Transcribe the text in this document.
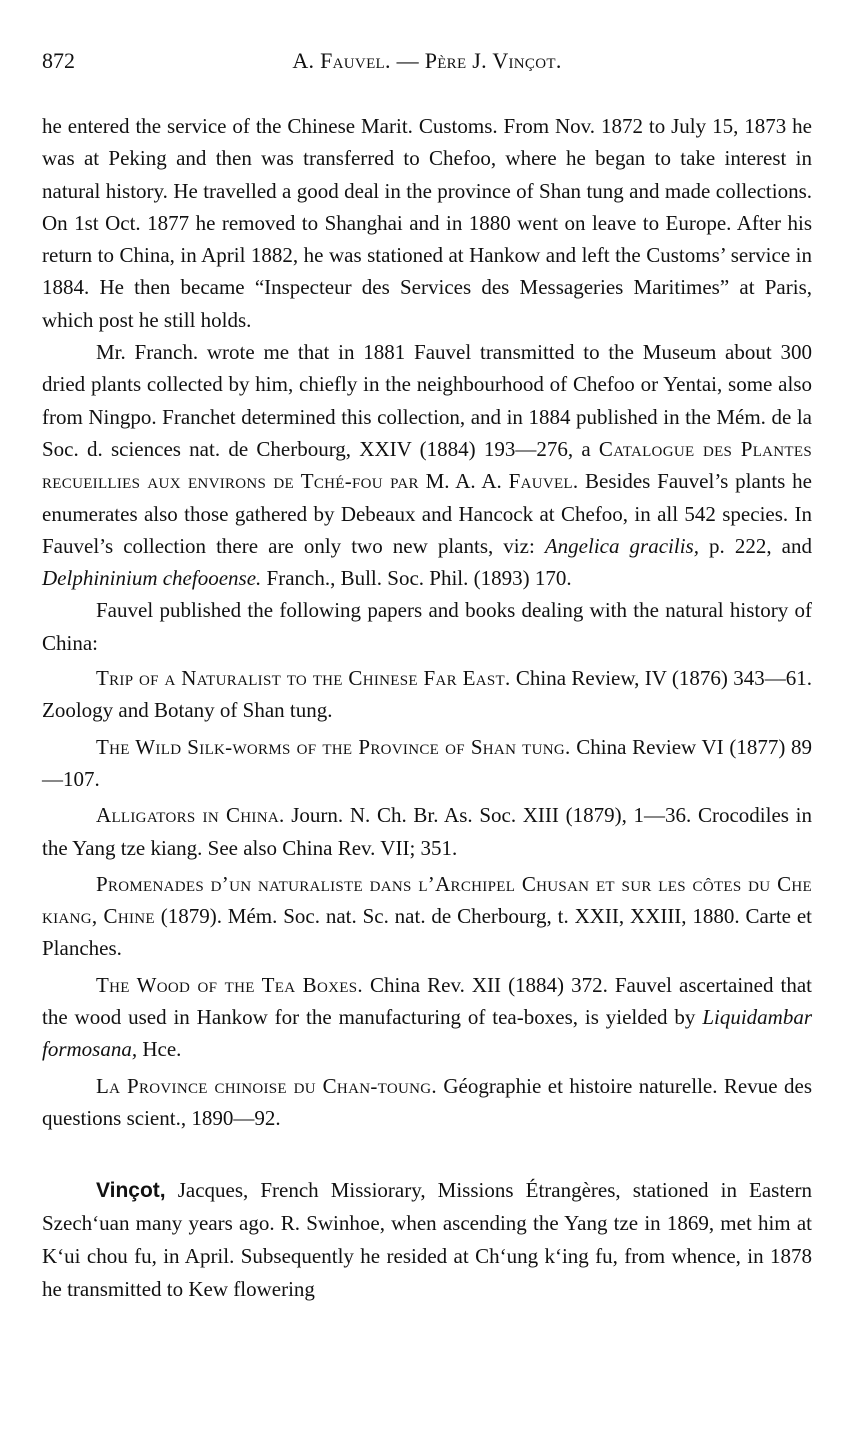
872	A. Fauvel. — Père J. Vinçot.

he entered the service of the Chinese Marit. Customs. From Nov. 1872 to July 15, 1873 he was at Peking and then was transferred to Chefoo, where he began to take interest in natural history. He travelled a good deal in the province of Shan tung and made collections. On 1st Oct. 1877 he removed to Shanghai and in 1880 went on leave to Europe. After his return to China, in April 1882, he was stationed at Hankow and left the Customs’ service in 1884. He then became “Inspecteur des Services des Messageries Maritimes” at Paris, which post he still holds.

Mr. Franch. wrote me that in 1881 Fauvel transmitted to the Museum about 300 dried plants collected by him, chiefly in the neighbourhood of Chefoo or Yentai, some also from Ningpo. Franchet determined this collection, and in 1884 published in the Mém. de la Soc. d. sciences nat. de Cherbourg, XXIV (1884) 193—276, a Catalogue des Plantes recueillies aux environs de Tché-fou par M. A. A. Fauvel. Besides Fauvel’s plants he enumerates also those gathered by Debeaux and Hancock at Chefoo, in all 542 species. In Fauvel’s collection there are only two new plants, viz: Angelica gracilis, p. 222, and Delphininium chefooense. Franch., Bull. Soc. Phil. (1893) 170.

Fauvel published the following papers and books dealing with the natural history of China:

Trip of a Naturalist to the Chinese Far East. China Review, IV (1876) 343—61. Zoology and Botany of Shan tung.

The Wild Silk-worms of the Province of Shan tung. China Review VI (1877) 89—107.

Alligators in China. Journ. N. Ch. Br. As. Soc. XIII (1879), 1—36. Crocodiles in the Yang tze kiang. See also China Rev. VII; 351.

Promenades d’un naturaliste dans l’Archipel Chusan et sur les côtes du Che kiang, Chine (1879). Mém. Soc. nat. Sc. nat. de Cherbourg, t. XXII, XXIII, 1880. Carte et Planches.

The Wood of the Tea Boxes. China Rev. XII (1884) 372. Fauvel ascertained that the wood used in Hankow for the manufacturing of tea-boxes, is yielded by Liquidambar formosana, Hce.

La Province chinoise du Chan-toung. Géographie et histoire naturelle. Revue des questions scient., 1890—92.

Vinçot, Jacques, French Missiorary, Missions Étrangères, stationed in Eastern Szech‘uan many years ago. R. Swinhoe, when ascending the Yang tze in 1869, met him at K‘ui chou fu, in April. Subsequently he resided at Ch‘ung k‘ing fu, from whence, in 1878 he transmitted to Kew flowering
